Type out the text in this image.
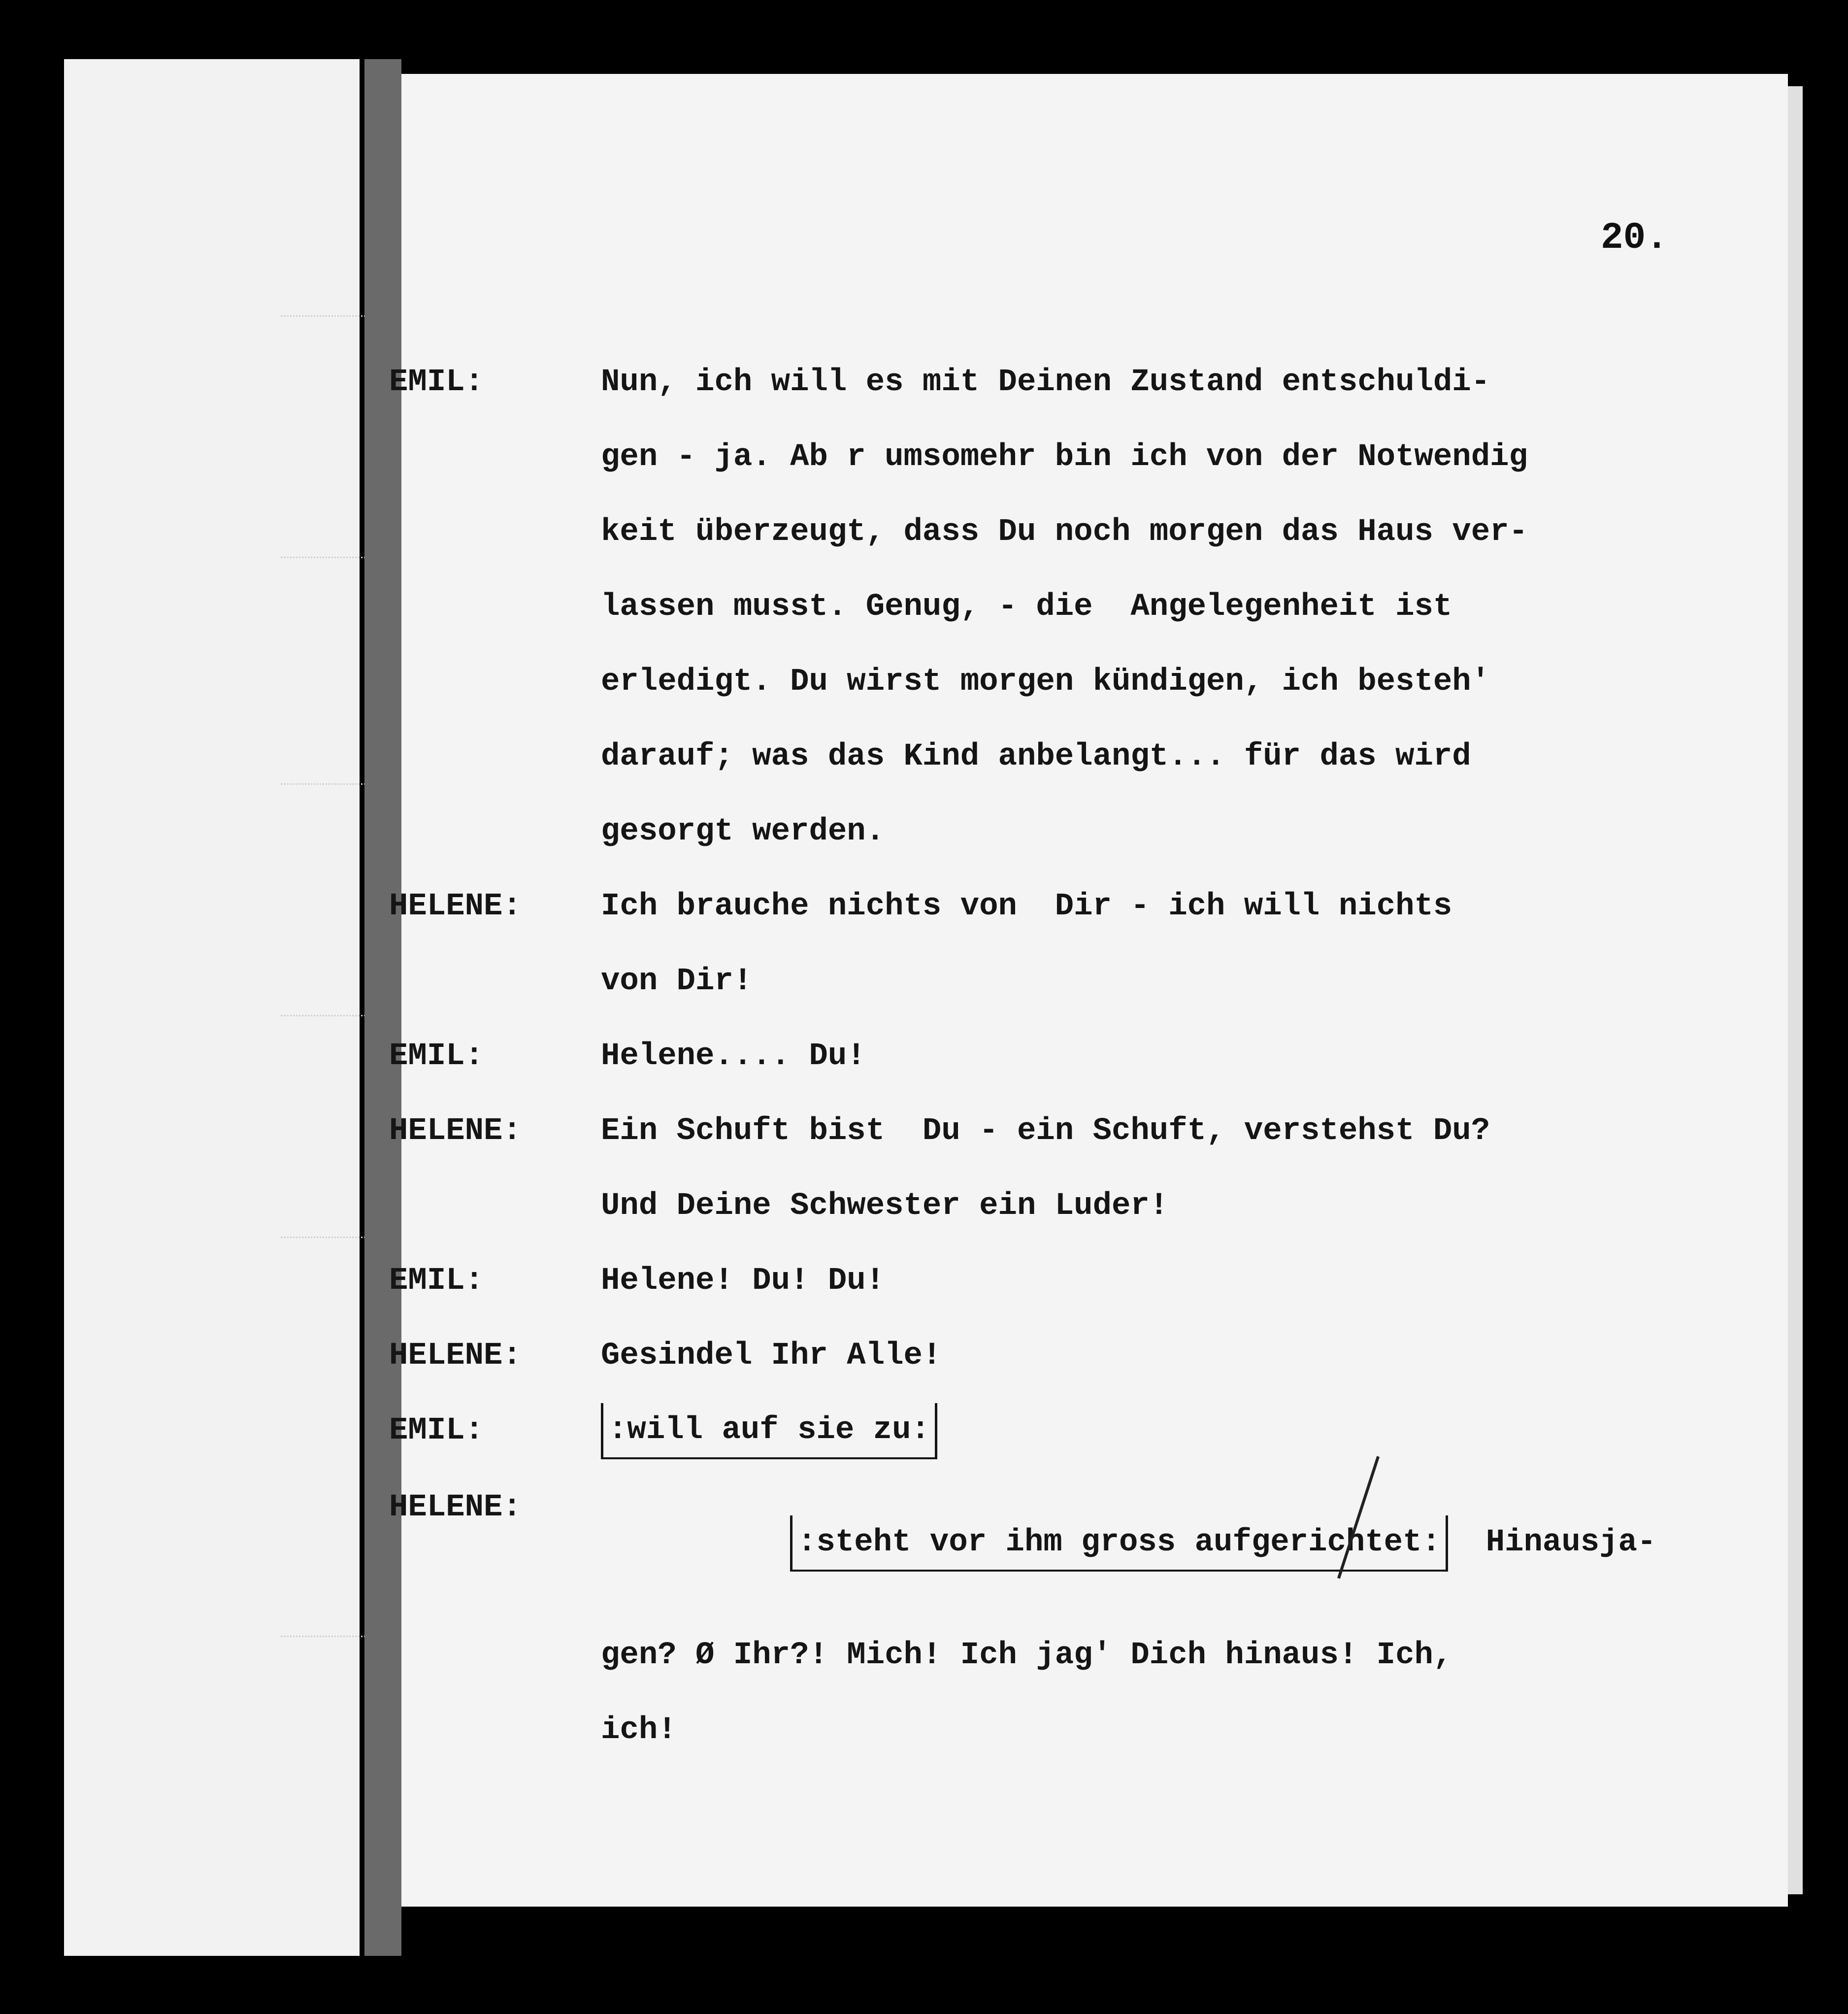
20.

EMIL:	Nun, ich will es mit Deinen Zustand entschuldi-

gen - ja. Ab r umsomehr bin ich von der Notwendig

keit überzeugt, dass Du noch morgen das Haus ver-

lassen musst. Genug, - die  Angelegenheit ist

erledigt. Du wirst morgen kündigen, ich besteh'

darauf; was das Kind anbelangt... für das wird

gesorgt werden.

HELENE:	Ich brauche nichts von  Dir - ich will nichts

von Dir!

EMIL:	Helene.... Du!

HELENE:	Ein Schuft bist  Du - ein Schuft, verstehst Du?

Und Deine Schwester ein Luder!

EMIL:	Helene! Du! Du!

HELENE:	Gesindel Ihr Alle!

EMIL:	:will auf sie zu:

HELENE:

:steht vor ihm gross aufgerichtet:  Hinausja-

gen? Ø Ihr?! Mich! Ich jag' Dich hinaus! Ich,

ich!
